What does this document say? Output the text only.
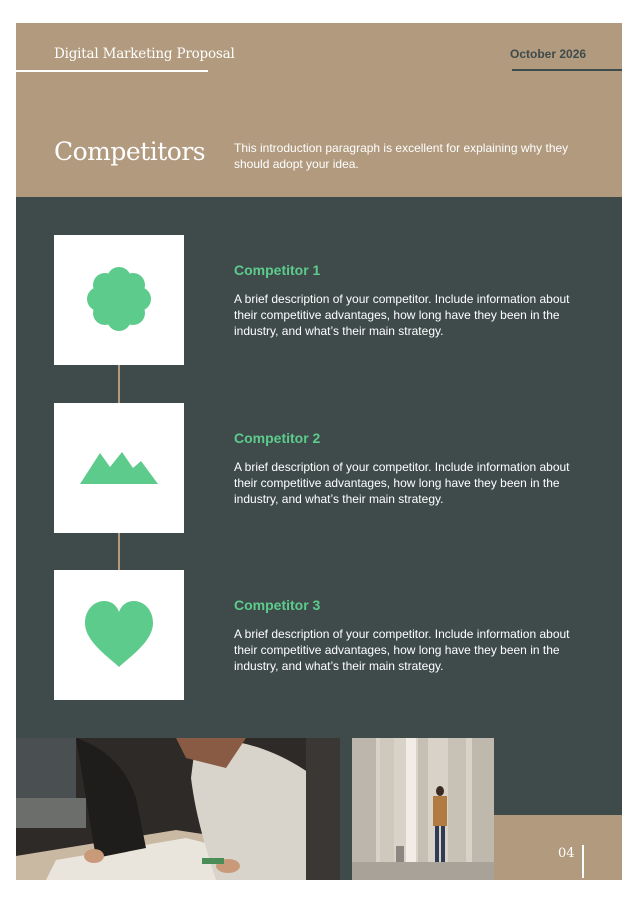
Digital Marketing Proposal	October 2026
Competitors This introduction paragraph is excellent for explaining why they should adopt your idea.
Competitor 1
A brief description of your competitor. Include information about their competitive advantages, how long have they been in the industry, and what’s their main strategy.
Competitor 2
A brief description of your competitor. Include information about their competitive advantages, how long have they been in the industry, and what’s their main strategy.
Competitor 3
A brief description of your competitor. Include information about their competitive advantages, how long have they been in the industry, and what’s their main strategy.
04
